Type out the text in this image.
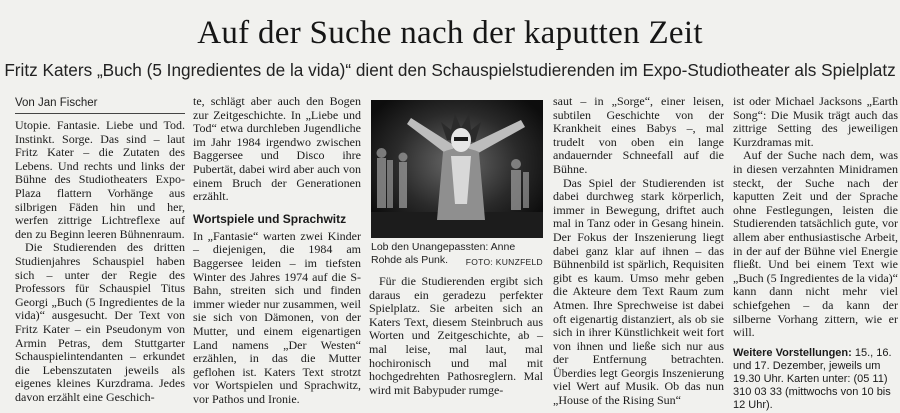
Auf der Suche nach der kaputten Zeit
Fritz Katers „Buch (5 Ingredientes de la vida)“ dient den Schauspielstudierenden im Expo-Studiotheater als Spielplatz
Von Jan Fischer

Utopie. Fantasie. Liebe und Tod. Instinkt. Sorge. Das sind – laut Fritz Kater – die Zutaten des Lebens. Und rechts und links der Bühne des Studiotheaters Expo-Plaza flattern Vorhänge aus silbrigen Fäden hin und her, werfen zittrige Lichtreflexe auf den zu Beginn leeren Bühnenraum.

Die Studierenden des dritten Studienjahres Schauspiel haben sich – unter der Regie des Professors für Schauspiel Titus Georgi „Buch (5 Ingredientes de la vida)“ ausgesucht. Der Text von Fritz Kater – ein Pseudonym von Armin Petras, dem Stuttgarter Schauspielintendanten – erkundet die Lebenszutaten jeweils als eigenes kleines Kurzdrama. Jedes davon erzählt eine Geschich-

te, schlägt aber auch den Bogen zur Zeitgeschichte. In „Liebe und Tod“ etwa durchleben Jugendliche im Jahr 1984 irgendwo zwischen Baggersee und Disco ihre Pubertät, dabei wird aber auch von einem Bruch der Generationen erzählt.

Wortspiele und Sprachwitz

In „Fantasie“ warten zwei Kinder – diejenigen, die 1984 am Baggersee leiden – im tiefsten Winter des Jahres 1974 auf die S-Bahn, streiten sich und finden immer wieder nur zusammen, weil sie sich von Dämonen, von der Mutter, und einem eigenartigen Land namens „Der Westen“ erzählen, in das die Mutter geflohen ist. Katers Text strotzt vor Wortspielen und Sprachwitz, vor Pathos und Ironie.

Lob den Unangepassten: Anne Rohde als Punk. FOTO: KUNZFELD

Für die Studierenden ergibt sich daraus ein geradezu perfekter Spielplatz. Sie arbeiten sich an Katers Text, diesem Steinbruch aus Worten und Zeitgeschichte, ab – mal leise, mal laut, mal hochironisch und mal mit hochgedrehten Pathosreglern. Mal wird mit Babypuder rumge-

saut – in „Sorge“, einer leisen, subtilen Geschichte von der Krankheit eines Babys –, mal trudelt von oben ein lange andauernder Schneefall auf die Bühne.

Das Spiel der Studierenden ist dabei durchweg stark körperlich, immer in Bewegung, driftet auch mal in Tanz oder in Gesang hinein. Der Fokus der Inszenierung liegt dabei ganz klar auf ihnen – das Bühnenbild ist spärlich, Requisiten gibt es kaum. Umso mehr geben die Akteure dem Text Raum zum Atmen. Ihre Sprechweise ist dabei oft eigenartig distanziert, als ob sie sich in ihrer Künstlichkeit weit fort von ihnen und ließe sich nur aus der Entfernung betrachten. Überdies legt Georgis Inszenierung viel Wert auf Musik. Ob das nun „House of the Rising Sun“

ist oder Michael Jacksons „Earth Song“: Die Musik trägt auch das zittrige Setting des jeweiligen Kurzdramas mit.

Auf der Suche nach dem, was in diesen verzahnten Minidramen steckt, der Suche nach der kaputten Zeit und der Sprache ohne Festlegungen, leisten die Studierenden tatsächlich gute, vor allem aber enthusiastische Arbeit, in der auf der Bühne viel Energie fließt. Und bei einem Text wie „Buch (5 Ingredientes de la vida)“ kann dann nicht mehr viel schiefgehen – da kann der silberne Vorhang zittern, wie er will.

Weitere Vorstellungen: 15., 16. und 17. Dezember, jeweils um 19.30 Uhr. Karten unter: (05 11) 310 03 33 (mittwochs von 10 bis 12 Uhr).
